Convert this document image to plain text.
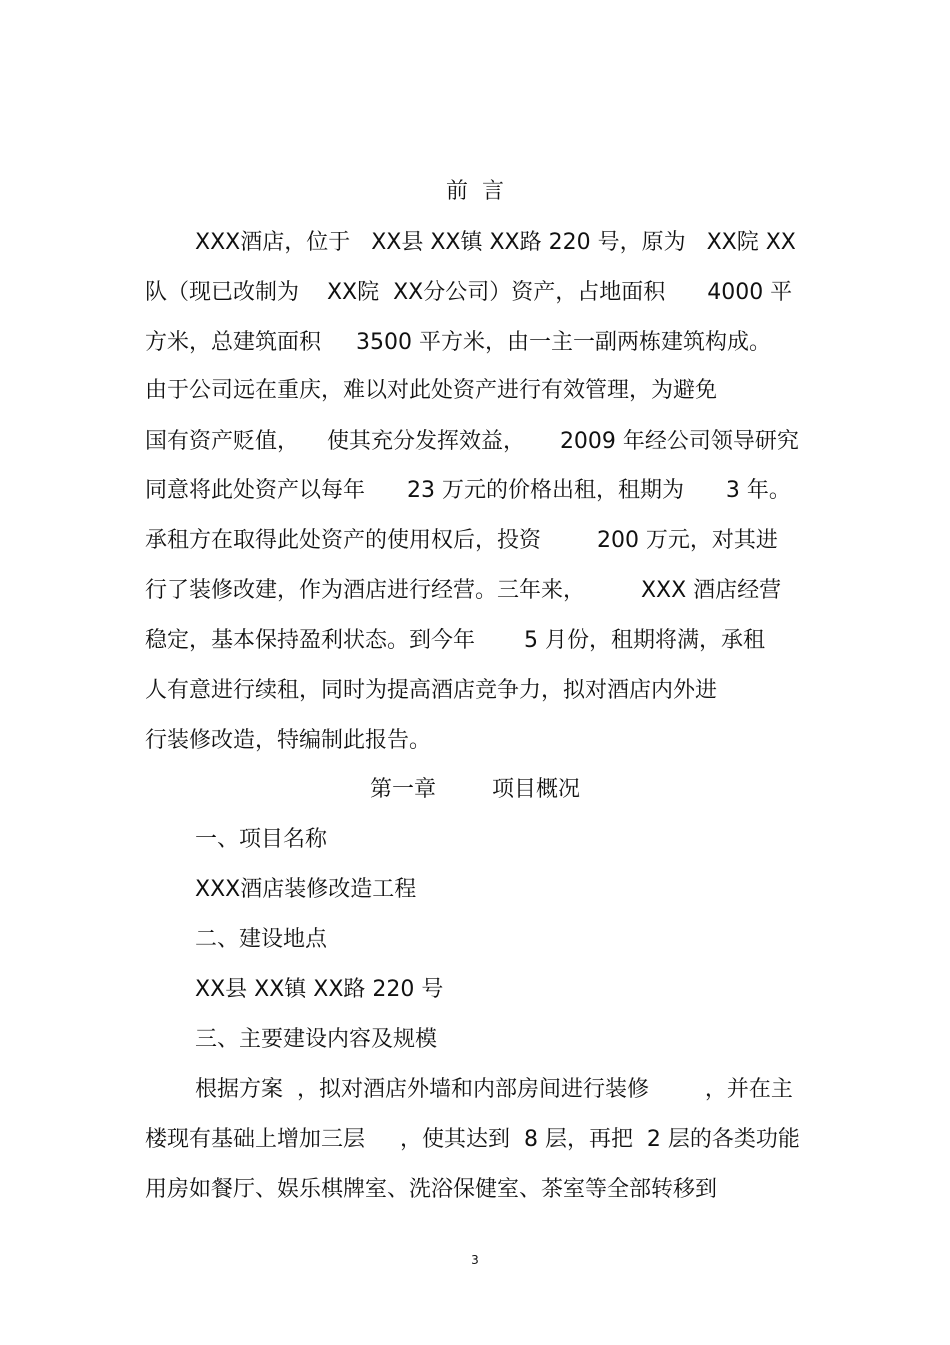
前  言
XXX酒店，位于   XX县 XX镇 XX路 220 号，原为   XX院 XX
队（现已改制为    XX院  XX分公司）资产，占地面积      4000 平
方米，总建筑面积     3500 平方米，由一主一副两栋建筑构成。
由于公司远在重庆，难以对此处资产进行有效管理，为避免
国有资产贬值，    使其充分发挥效益，     2009 年经公司领导研究
同意将此处资产以每年      23 万元的价格出租，租期为      3 年。
承租方在取得此处资产的使用权后，投资        200 万元，对其进
行了装修改建，作为酒店进行经营。三年来，        XXX 酒店经营
稳定，基本保持盈利状态。到今年       5 月份，租期将满，承租
人有意进行续租，同时为提高酒店竞争力，拟对酒店内外进
行装修改造，特编制此报告。
第一章        项目概况
一、项目名称
XXX酒店装修改造工程
二、建设地点
XX县 XX镇 XX路 220 号
三、主要建设内容及规模
根据方案  ，拟对酒店外墙和内部房间进行装修        ，并在主
楼现有基础上增加三层     ，使其达到  8 层，再把  2 层的各类功能
用房如餐厅、娱乐棋牌室、洗浴保健室、茶室等全部转移到
3
